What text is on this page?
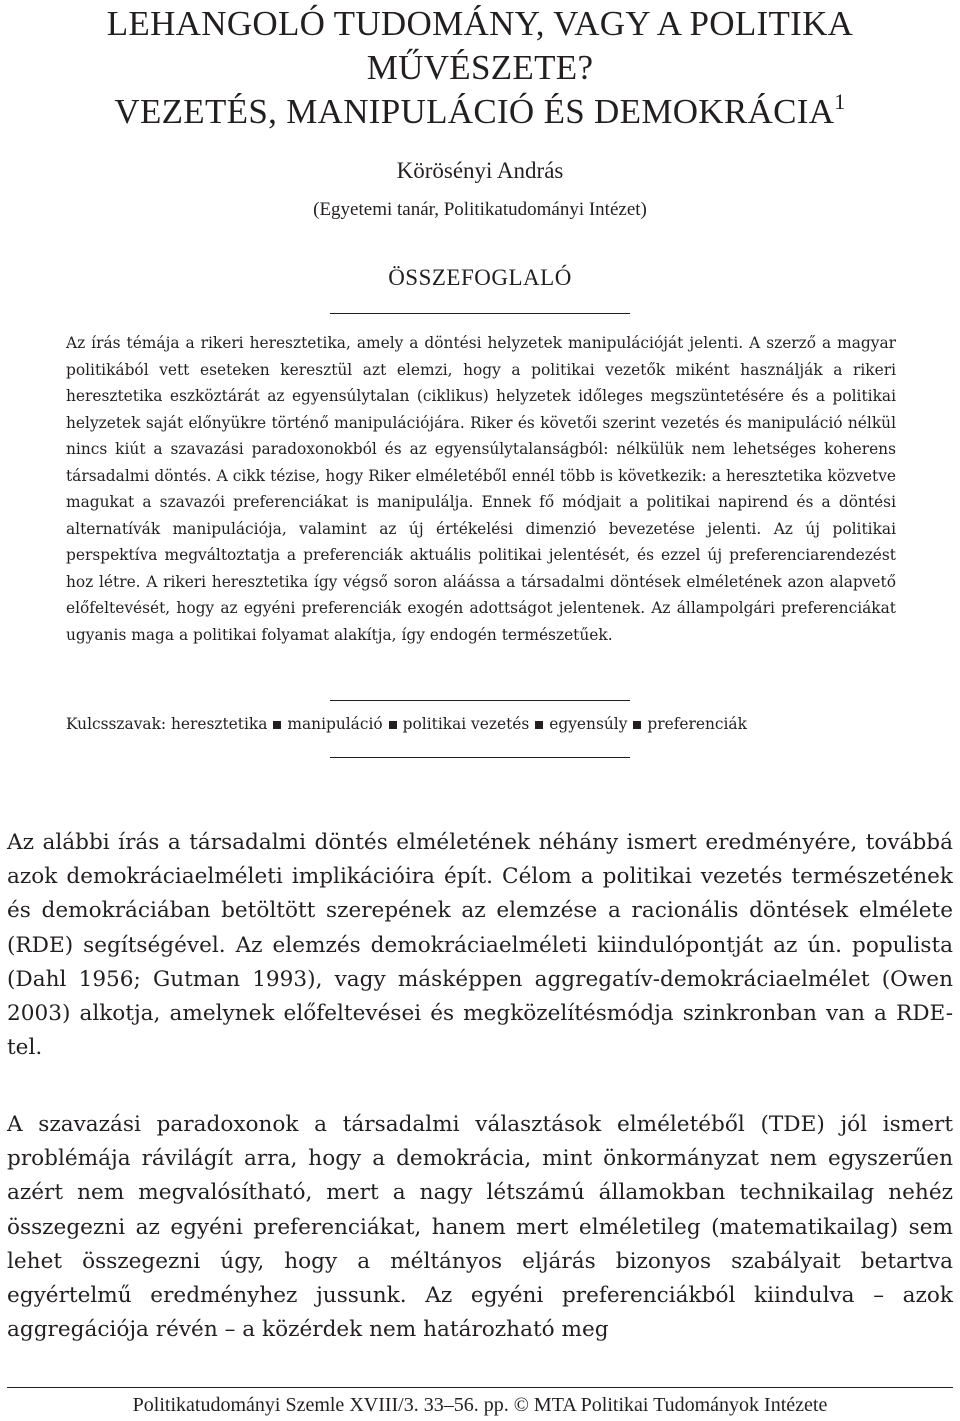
LEHANGOLÓ TUDOMÁNY, VAGY A POLITIKA
MŰVÉSZETE?
VEZETÉS, MANIPULÁCIÓ ÉS DEMOKRÁCIA$^1$
Körösényi András
(Egyetemi tanár, Politikatudományi Intézet)
ÖSSZEFOGLALÓ

Az írás témája a rikeri heresztetika, amely a döntési helyzetek manipulációját jelenti. A szerző a magyar politikából vett eseteken keresztül azt elemzi, hogy a politikai vezetők miként használják a rikeri heresztetika eszköztárát az egyensúlytalan (ciklikus) helyzetek időleges megszüntetésére és a politikai helyzetek saját előnyükre történő manipulációjára. Riker és követői szerint vezetés és manipuláció nélkül nincs kiút a szavazási paradoxonokból és az egyensúlytalanságból: nélkülük nem lehetséges koherens társadalmi döntés. A cikk tézise, hogy Riker elméletéből ennél több is következik: a heresztetika közvetve magukat a szavazói preferenciákat is manipulálja. Ennek fő módjait a politikai napirend és a döntési alternatívák manipulációja, valamint az új értékelési dimenzió bevezetése jelenti. Az új politikai perspektíva megváltoztatja a preferenciák aktuális politikai jelentését, és ezzel új preferenciarendezést hoz létre. A rikeri heresztetika így végső soron aláássa a társadalmi döntések elméletének azon alapvető előfeltevését, hogy az egyéni preferenciák exogén adottságot jelentenek. Az állampolgári preferenciákat ugyanis maga a politikai folyamat alakítja, így endogén természetűek.

Kulcsszavak: heresztetika manipuláció politikai vezetés egyensúly preferenciák

Az alábbi írás a társadalmi döntés elméletének néhány ismert eredményére, továbbá azok demokráciaelméleti implikációira épít. Célom a politikai vezetés természetének és demokráciában betöltött szerepének az elemzése a racionális döntések elmélete (RDE) segítségével. Az elemzés demokráciaelméleti kiindulópontját az ún. populista (Dahl 1956; Gutman 1993), vagy másképpen aggregatív-demokráciaelmélet (Owen 2003) alkotja, amelynek előfeltevései és megközelítésmódja szinkronban van a RDE-tel.

A szavazási paradoxonok a társadalmi választások elméletéből (TDE) jól ismert problémája rávilágít arra, hogy a demokrácia, mint önkormányzat nem egyszerűen azért nem megvalósítható, mert a nagy létszámú államokban technikailag nehéz összegezni az egyéni preferenciákat, hanem mert elméletileg (matematikailag) sem lehet összegezni úgy, hogy a méltányos eljárás bizonyos szabályait betartva egyértelmű eredményhez jussunk. Az egyéni preferenciákból kiindulva – azok aggregációja révén – a közérdek nem határozható meg

Politikatudományi Szemle XVIII/3. 33–56. pp. © MTA Politikai Tudományok Intézete
